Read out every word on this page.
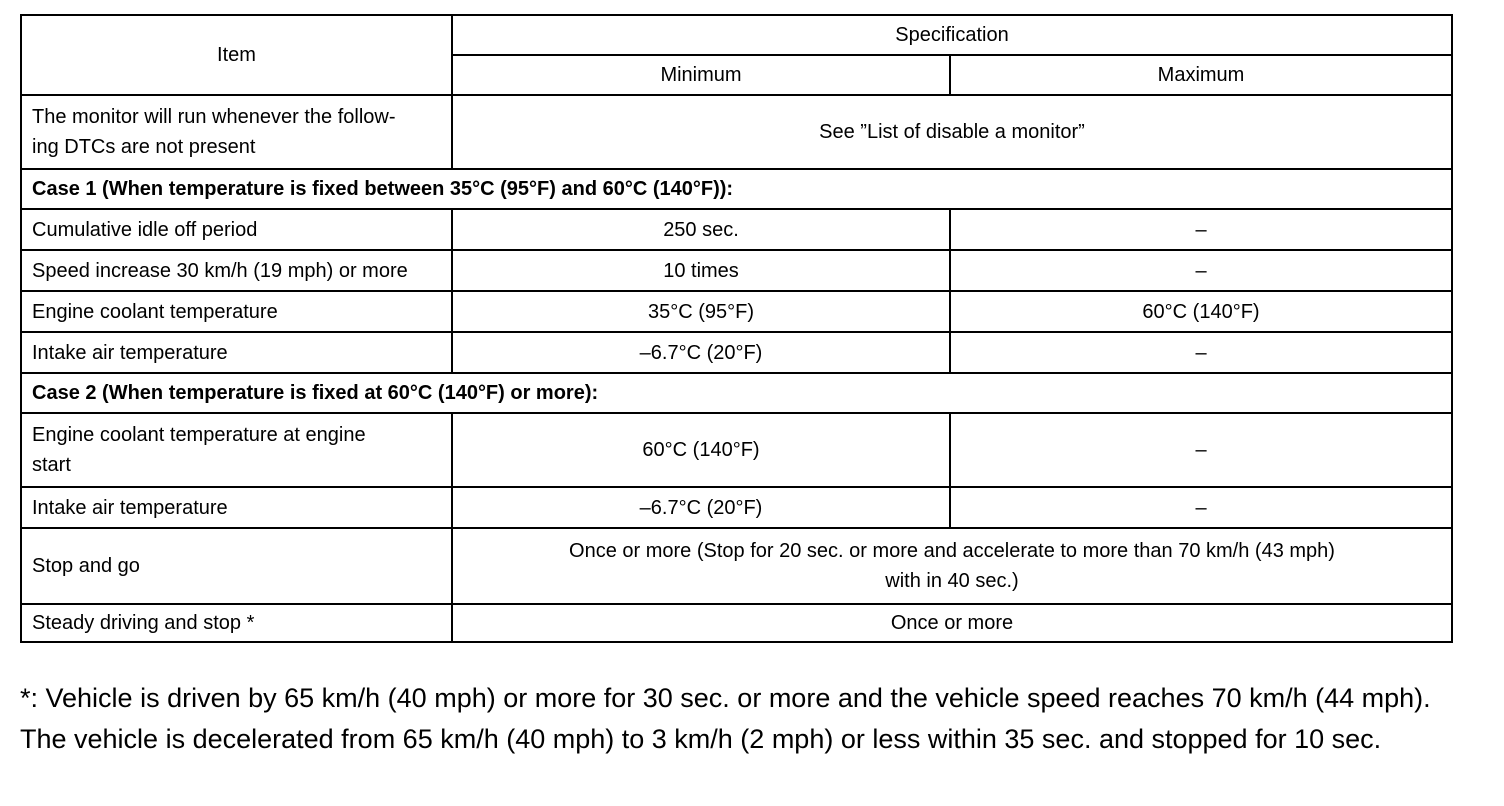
Item	Specification	
	Minimum	Maximum
The monitor will run whenever the follow-
ing DTCs are not present	See ”List of disable a monitor”	
Case 1 (When temperature is fixed between 35°C (95°F) and 60°C (140°F)):		
Cumulative idle off period	250 sec.	–
Speed increase 30 km/h (19 mph) or more	10 times	–
Engine coolant temperature	35°C (95°F)	60°C (140°F)
Intake air temperature	–6.7°C (20°F)	–
Case 2 (When temperature is fixed at 60°C (140°F) or more):		
Engine coolant temperature at engine
start	60°C (140°F)	–
Intake air temperature	–6.7°C (20°F)	–
Stop and go	Once or more (Stop for 20 sec. or more and accelerate to more than 70 km/h (43 mph)
with in 40 sec.)	
Steady driving and stop *	Once or more	
*: Vehicle is driven by 65 km/h (40 mph) or more for 30 sec. or more and the vehicle speed reaches 70 km/h (44 mph). The vehicle is decelerated from 65 km/h (40 mph) to 3 km/h (2 mph) or less within 35 sec. and stopped for 10 sec.
